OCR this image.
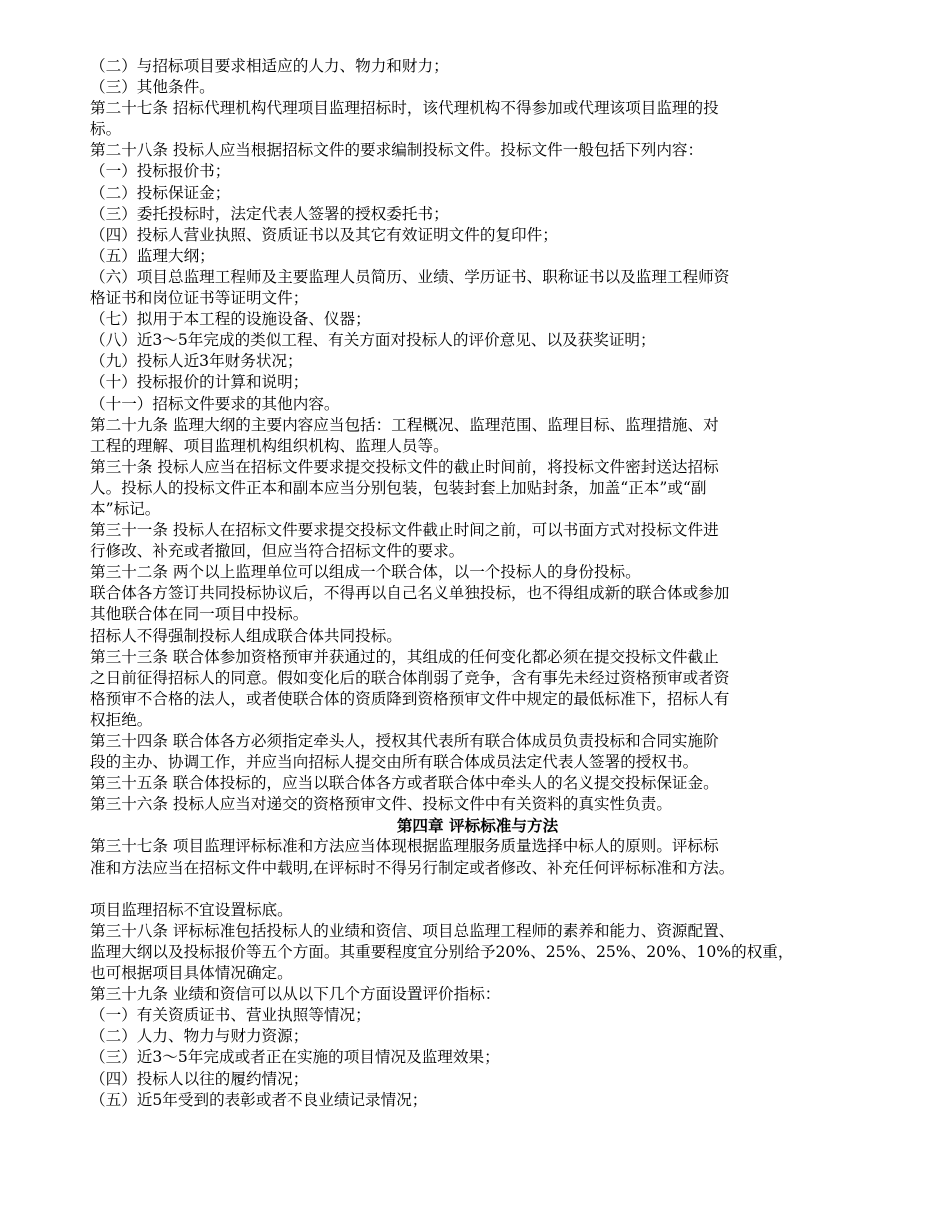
（二）与招标项目要求相适应的人力、物力和财力；
（三）其他条件。
第二十七条 招标代理机构代理项目监理招标时，该代理机构不得参加或代理该项目监理的投
标。
第二十八条 投标人应当根据招标文件的要求编制投标文件。投标文件一般包括下列内容：
（一）投标报价书；
（二）投标保证金；
（三）委托投标时，法定代表人签署的授权委托书；
（四）投标人营业执照、资质证书以及其它有效证明文件的复印件；
（五）监理大纲；
（六）项目总监理工程师及主要监理人员简历、业绩、学历证书、职称证书以及监理工程师资
格证书和岗位证书等证明文件；
（七）拟用于本工程的设施设备、仪器；
（八）近3～5年完成的类似工程、有关方面对投标人的评价意见、以及获奖证明；
（九）投标人近3年财务状况；
（十）投标报价的计算和说明；
（十一）招标文件要求的其他内容。
第二十九条 监理大纲的主要内容应当包括：工程概况、监理范围、监理目标、监理措施、对
工程的理解、项目监理机构组织机构、监理人员等。
第三十条 投标人应当在招标文件要求提交投标文件的截止时间前，将投标文件密封送达招标
人。投标人的投标文件正本和副本应当分别包装，包装封套上加贴封条，加盖“正本”或“副
本”标记。
第三十一条 投标人在招标文件要求提交投标文件截止时间之前，可以书面方式对投标文件进
行修改、补充或者撤回，但应当符合招标文件的要求。
第三十二条 两个以上监理单位可以组成一个联合体，以一个投标人的身份投标。
联合体各方签订共同投标协议后，不得再以自己名义单独投标，也不得组成新的联合体或参加
其他联合体在同一项目中投标。
招标人不得强制投标人组成联合体共同投标。
第三十三条 联合体参加资格预审并获通过的，其组成的任何变化都必须在提交投标文件截止
之日前征得招标人的同意。假如变化后的联合体削弱了竞争，含有事先未经过资格预审或者资
格预审不合格的法人，或者使联合体的资质降到资格预审文件中规定的最低标准下，招标人有
权拒绝。
第三十四条 联合体各方必须指定牵头人，授权其代表所有联合体成员负责投标和合同实施阶
段的主办、协调工作，并应当向招标人提交由所有联合体成员法定代表人签署的授权书。
第三十五条 联合体投标的，应当以联合体各方或者联合体中牵头人的名义提交投标保证金。
第三十六条 投标人应当对递交的资格预审文件、投标文件中有关资料的真实性负责。
第四章 评标标准与方法
第三十七条 项目监理评标标准和方法应当体现根据监理服务质量选择中标人的原则。评标标
准和方法应当在招标文件中载明,在评标时不得另行制定或者修改、补充任何评标标准和方法。
项目监理招标不宜设置标底。
第三十八条 评标标准包括投标人的业绩和资信、项目总监理工程师的素养和能力、资源配置、
监理大纲以及投标报价等五个方面。其重要程度宜分别给予20%、25%、25%、20%、10%的权重，
也可根据项目具体情况确定。
第三十九条 业绩和资信可以从以下几个方面设置评价指标：
（一）有关资质证书、营业执照等情况；
（二）人力、物力与财力资源；
（三）近3～5年完成或者正在实施的项目情况及监理效果；
（四）投标人以往的履约情况；
（五）近5年受到的表彰或者不良业绩记录情况；
